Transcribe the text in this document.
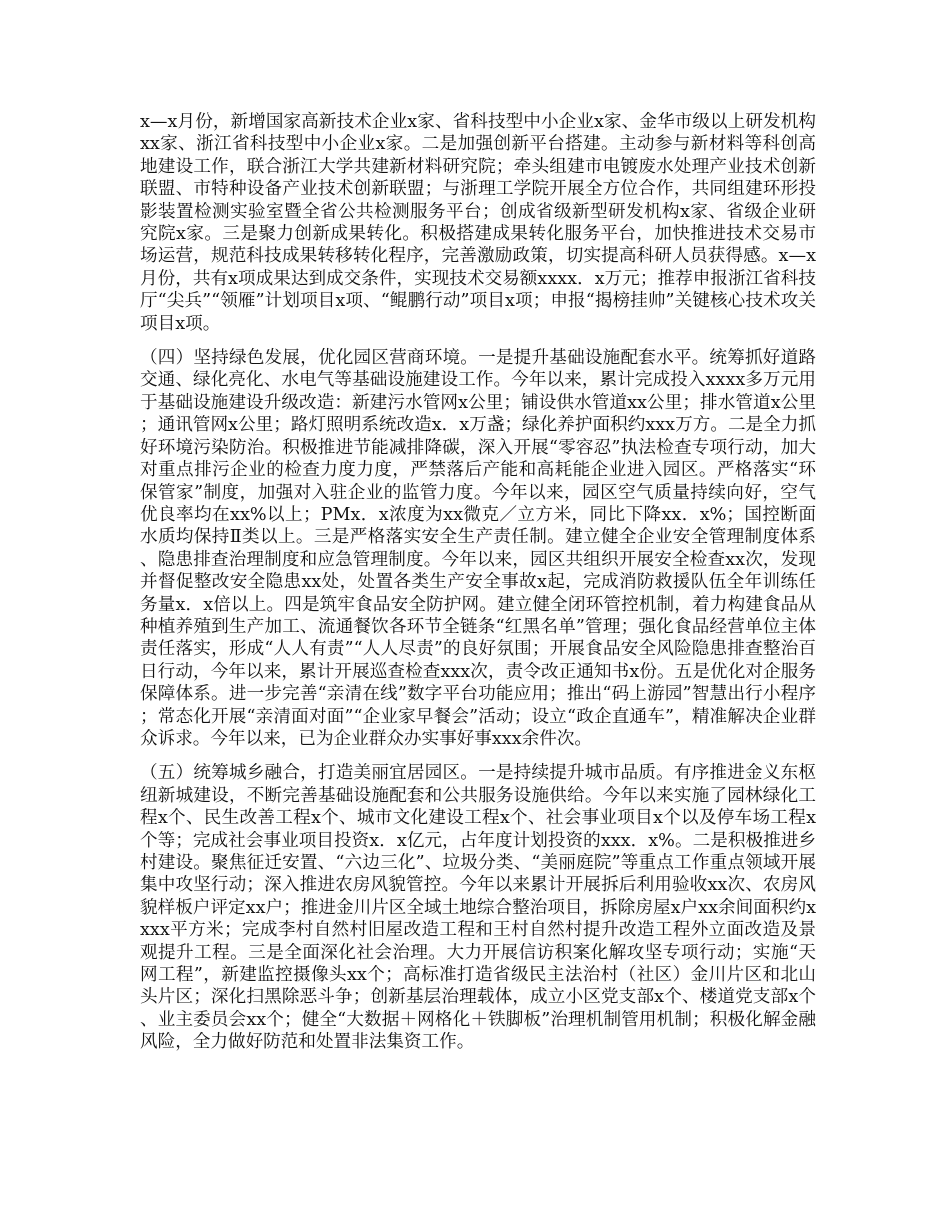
x—x月份，新增国家高新技术企业x家、省科技型中小企业x家、金华市级以上研发机构xx家、浙江省科技型中小企业x家。二是加强创新平台搭建。主动参与新材料等科创高地建设工作，联合浙江大学共建新材料研究院；牵头组建市电镀废水处理产业技术创新联盟、市特种设备产业技术创新联盟；与浙理工学院开展全方位合作，共同组建环形投影装置检测实验室暨全省公共检测服务平台；创成省级新型研发机构x家、省级企业研究院x家。三是聚力创新成果转化。积极搭建成果转化服务平台，加快推进技术交易市场运营，规范科技成果转移转化程序，完善激励政策，切实提高科研人员获得感。x—x月份，共有x项成果达到成交条件，实现技术交易额xxxx．x万元；推荐申报浙江省科技厅“尖兵”“领雁”计划项目x项、“鲲鹏行动”项目x项；申报“揭榜挂帅”关键核心技术攻关项目x项。

（四）坚持绿色发展，优化园区营商环境。一是提升基础设施配套水平。统筹抓好道路交通、绿化亮化、水电气等基础设施建设工作。今年以来，累计完成投入xxxx多万元用于基础设施建设升级改造：新建污水管网x公里；铺设供水管道xx公里；排水管道x公里；通讯管网x公里；路灯照明系统改造x．x万盏；绿化养护面积约xxx万方。二是全力抓好环境污染防治。积极推进节能减排降碳，深入开展“零容忍”执法检查专项行动，加大对重点排污企业的检查力度力度，严禁落后产能和高耗能企业进入园区。严格落实“环保管家”制度，加强对入驻企业的监管力度。今年以来，园区空气质量持续向好，空气优良率均在xx%以上；PMx．x浓度为xx微克／立方米，同比下降xx．x%；国控断面水质均保持Ⅱ类以上。三是严格落实安全生产责任制。建立健全企业安全管理制度体系、隐患排查治理制度和应急管理制度。今年以来，园区共组织开展安全检查xx次，发现并督促整改安全隐患xx处，处置各类生产安全事故x起，完成消防救援队伍全年训练任务量x．x倍以上。四是筑牢食品安全防护网。建立健全闭环管控机制，着力构建食品从种植养殖到生产加工、流通餐饮各环节全链条“红黑名单”管理；强化食品经营单位主体责任落实，形成“人人有责”“人人尽责”的良好氛围；开展食品安全风险隐患排查整治百日行动，今年以来，累计开展巡查检查xxx次，责令改正通知书x份。五是优化对企服务保障体系。进一步完善“亲清在线”数字平台功能应用；推出“码上游园”智慧出行小程序；常态化开展“亲清面对面”“企业家早餐会”活动；设立“政企直通车”，精准解决企业群众诉求。今年以来，已为企业群众办实事好事xxx余件次。

（五）统筹城乡融合，打造美丽宜居园区。一是持续提升城市品质。有序推进金义东枢纽新城建设，不断完善基础设施配套和公共服务设施供给。今年以来实施了园林绿化工程x个、民生改善工程x个、城市文化建设工程x个、社会事业项目x个以及停车场工程x个等；完成社会事业项目投资x．x亿元，占年度计划投资的xxx．x%。二是积极推进乡村建设。聚焦征迁安置、“六边三化”、垃圾分类、“美丽庭院”等重点工作重点领域开展集中攻坚行动；深入推进农房风貌管控。今年以来累计开展拆后利用验收xx次、农房风貌样板户评定xx户；推进金川片区全域土地综合整治项目，拆除房屋x户xx余间面积约xxxx平方米；完成李村自然村旧屋改造工程和王村自然村提升改造工程外立面改造及景观提升工程。三是全面深化社会治理。大力开展信访积案化解攻坚专项行动；实施“天网工程”，新建监控摄像头xx个；高标准打造省级民主法治村（社区）金川片区和北山头片区；深化扫黑除恶斗争；创新基层治理载体，成立小区党支部x个、楼道党支部x个、业主委员会xx个；健全“大数据＋网格化＋铁脚板”治理机制管用机制；积极化解金融风险，全力做好防范和处置非法集资工作。
